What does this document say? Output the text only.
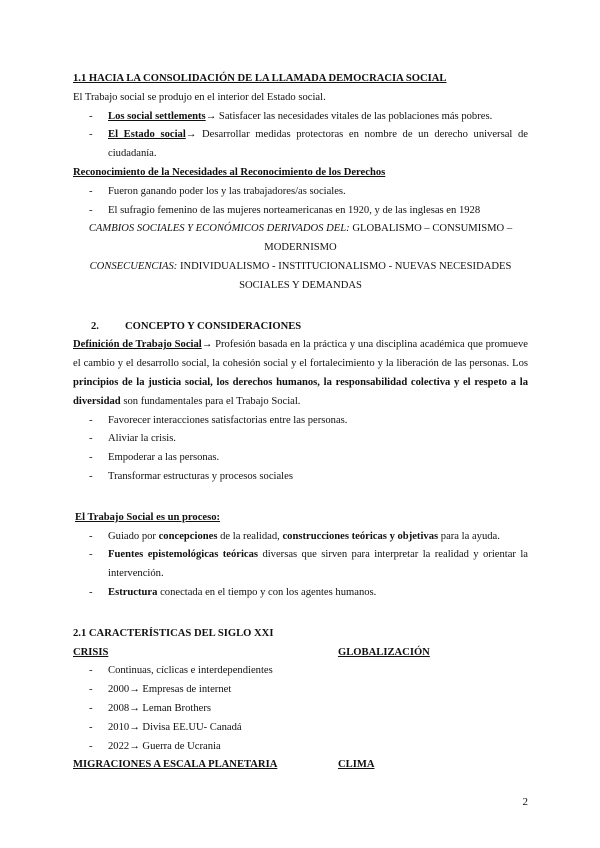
1.1 HACIA LA CONSOLIDACIÓN DE LA LLAMADA DEMOCRACIA SOCIAL

El Trabajo social se produjo en el interior del Estado social.

- Los social settlements→ Satisfacer las necesidades vitales de las poblaciones más pobres.
- El Estado social→ Desarrollar medidas protectoras en nombre de un derecho universal de ciudadanía.

Reconocimiento de la Necesidades al Reconocimiento de los Derechos

- Fueron ganando poder los y las trabajadores/as sociales.
- El sufragio femenino de las mujeres norteamericanas en 1920, y de las inglesas en 1928

CAMBIOS SOCIALES Y ECONÓMICOS DERIVADOS DEL: GLOBALISMO – CONSUMISMO –MODERNISMO

CONSECUENCIAS: INDIVIDUALISMO - INSTITUCIONALISMO - NUEVAS NECESIDADES SOCIALES Y DEMANDAS

2. CONCEPTO Y CONSIDERACIONES

Definición de Trabajo Social→ Profesión basada en la práctica y una disciplina académica que promueve el cambio y el desarrollo social, la cohesión social y el fortalecimiento y la liberación de las personas. Los principios de la justicia social, los derechos humanos, la responsabilidad colectiva y el respeto a la diversidad son fundamentales para el Trabajo Social.

- Favorecer interacciones satisfactorias entre las personas.
- Aliviar la crisis.
- Empoderar a las personas.
- Transformar estructuras y procesos sociales

El Trabajo Social es un proceso:

- Guiado por concepciones de la realidad, construcciones teóricas y objetivas para la ayuda.
- Fuentes epistemológicas teóricas diversas que sirven para interpretar la realidad y orientar la intervención.
- Estructura conectada en el tiempo y con los agentes humanos.

2.1 CARACTERÍSTICAS DEL SIGLO XXI

CRISIS	GLOBALIZACIÓN
- Continuas, cíclicas e interdependientes
- 2000→ Empresas de internet
- 2008→ Leman Brothers
- 2010→ Divisa EE.UU- Canadá
- 2022→ Guerra de Ucrania
MIGRACIONES A ESCALA PLANETARIA	CLIMA
2
